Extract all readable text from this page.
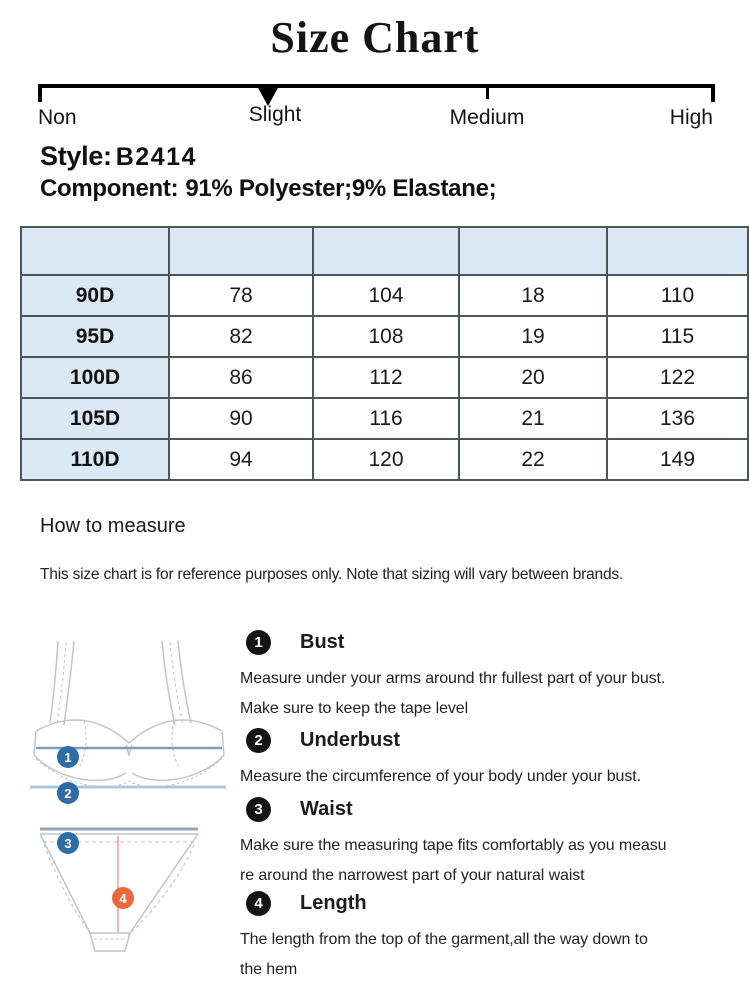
Size Chart
Non	Slight	Medium	High
Style: B2414
Component: 91% Polyester;9% Elastane;

90D	78	104	18	110
95D	82	108	19	115
100D	86	112	20	122
105D	90	116	21	136
110D	94	120	22	149
How to measure
This size chart is for reference purposes only. Note that sizing will vary between brands.
1
2
3
4
1	Bust
Measure under your arms around thr fullest part of your bust.
Make sure to keep the tape level
2	Underbust
Measure the circumference of your body under your bust.
3	Waist
Make sure the measuring tape fits comfortably as you measu
re around the narrowest part of your natural waist
4	Length
The length from the top of the garment,all the way down to
the hem
